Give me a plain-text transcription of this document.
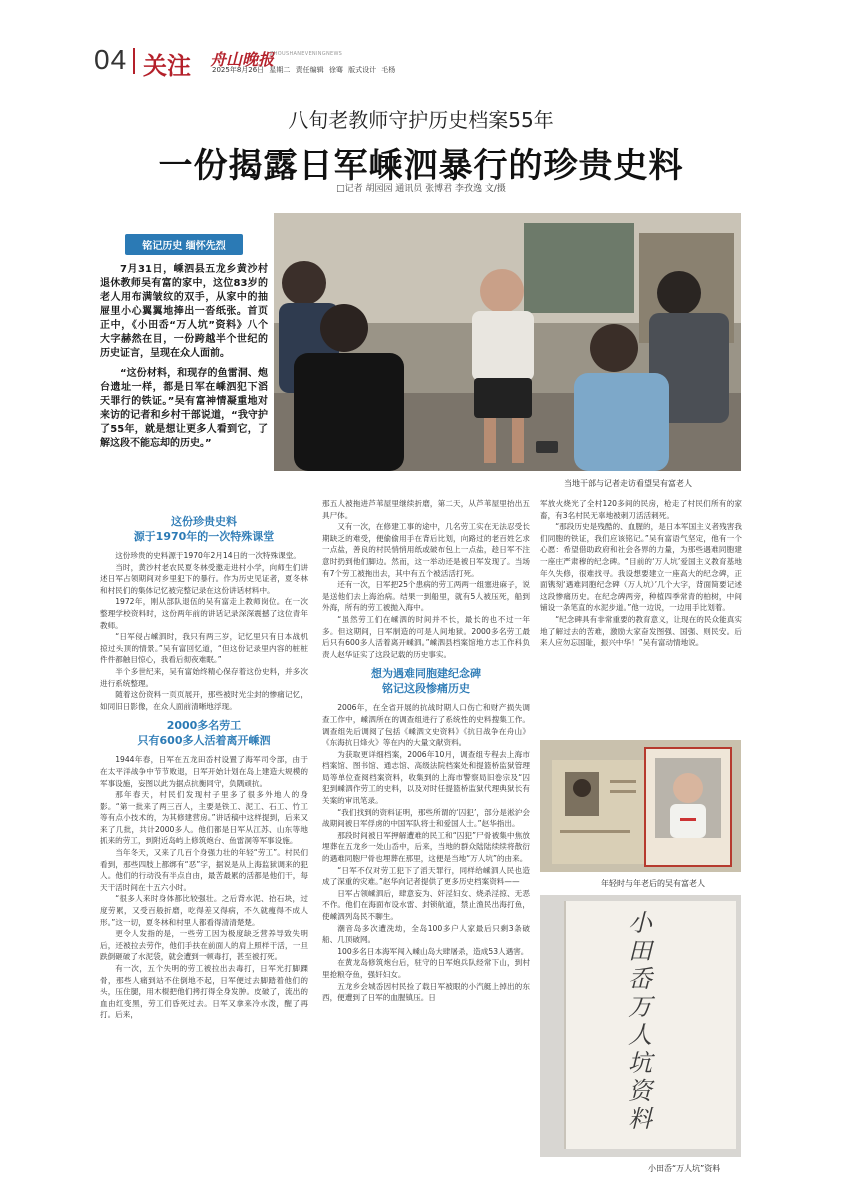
04 关注 舟山晚报
ZHOUSHANEVENINGNEWS
2025年8月26日 星期二 责任编辑 徐骞 版式设计 毛杨
八旬老教师守护历史档案55年
一份揭露日军嵊泗暴行的珍贵史料
□记者 胡园园 通讯员 张博君 李孜逸 文/摄
铭记历史 缅怀先烈

7月31日，嵊泗县五龙乡黄沙村退休教师吴有富的家中，这位83岁的老人用布满皱纹的双手，从家中的抽屉里小心翼翼地捧出一沓纸张。首页正中，《小田岙“万人坑”资料》八个大字赫然在目，一份跨越半个世纪的历史证言，呈现在众人面前。

“这份材料，和现存的鱼雷洞、炮台遗址一样，都是日军在嵊泗犯下滔天罪行的铁证。”吴有富神情凝重地对来访的记者和乡村干部说道，“我守护了55年，就是想让更多人看到它，了解这段不能忘却的历史。”

当地干部与记者走访看望吴有富老人
这份珍贵史料
源于1970年的一次特殊课堂

这份珍贵的史料源于1970年2月14日的一次特殊课堂。

当时，黄沙村老农民夏冬林受邀走进村小学，向师生们讲述日军占领期间对乡里犯下的暴行。作为历史见证者，夏冬林和村民们的集体记忆被完整记录在这份讲话材料中。

1972年，刚从部队退伍的吴有富走上教师岗位。在一次整理学校资料时，这份两年前的讲话记录深深震撼了这位青年教师。

“日军侵占嵊泗时，我只有两三岁，记忆里只有日本战机掠过头顶的情景。”吴有富回忆道，“但这份记录里内容的桩桩件件都触目惊心，我看后彻夜难眠。”

半个多世纪来，吴有富始终精心保存着这份史料，并多次进行系统整理。

随着这份资料一页页展开，那些被时光尘封的惨痛记忆，如同旧日影像，在众人面前清晰地浮现。

2000多名劳工
只有600多人活着离开嵊泗

1944年春，日军在五龙田岙村设置了海军司令部，由于在太平洋战争中节节败退，日军开始计划在岛上建造大规模的军事设施，妄图以此为据点抗衡同守，负隅顽抗。

那年春天，村民们发现村子里多了很多外地人的身影。“第一批来了两三百人，主要是铁工、泥工、石工、竹工等有点小技术的，为其修建营房。”讲话稿中这样提到，后来又来了几批，共计2000多人。他们都是日军从江苏、山东等地抓来的劳工，到附近岛屿上修筑炮台、鱼雷洞等军事设施。

当年冬天，又来了几百个身强力壮的年轻“劳工”。村民们看到，那些四肢上都绑有“恶”字，据说是从上海监狱调来的犯人。他们的行动没有半点自由，最苦最累的活都是他们干，每天干活时间在十五六小时。

“很多人来时身体都比较强壮。之后背水泥、抬石块，过度劳累，又受百般折磨，吃得差又得病，不久就瘦得不成人形。”这一切，夏冬林和村里人都看得清清楚楚。

更令人发指的是，一些劳工因为极度缺乏营养导致失明后，还被拉去劳作，他们手扶在前面人的肩上照样干活，一旦跌倒砸破了水泥袋，就会遭到一顿毒打，甚至被打死。

有一次，五个失明的劳工被拉出去毒打，日军光打脚踝骨，那些人痛到站不住倒地不起，日军便过去脚踏着他们的头，压住腿，用木棍把他们拷打得全身发肿。皮破了，流出的血由红变黑，劳工们昏死过去。日军又拿来冷水泼，醒了再打。后来，

那五人被拖进芦苇屋里继续折磨，第二天，从芦苇屋里抬出五具尸体。

又有一次，在修建工事的途中，几名劳工实在无法忍受长期缺乏的难受，便偷偷用手在背后比划，向路过的老百姓乞求一点盐，善良的村民悄悄用纸或破布包上一点盐，趁日军不注意时扔到他们脚边。然而，这一举动还是被日军发现了。当场有7个劳工被拖出去，其中有五个被活活打死。

还有一次，日军把25个患病的劳工两两一组塞进麻子，说是送他们去上海治病。结果一到船里，就有5人被压死，船到外海，所有的劳工被抛入海中。

“虽然劳工们在嵊泗的时间并不长，最长的也不过一年多。但这期间，日军制造的可是人间地狱。2000多名劳工最后只有600多人活着离开嵊泗。”嵊泗县档案馆地方志工作科负责人赵华证实了这段记载的历史事实。

想为遇难同胞建纪念碑
铭记这段惨痛历史

2006年，在全省开展的抗战时期人口伤亡和财产损失调查工作中，嵊泗所在的调查组进行了系统性的史料搜集工作。调查组先后调阅了包括《嵊泗文史资料》《抗日战争在舟山》《东海抗日烽火》等在内的大量文献资料。

为获取更详细档案，2006年10月，调查组专程去上海市档案馆、图书馆、通志馆、高级法院档案处和提篮桥监狱管理局等单位查阅档案资料，收集到的上海市警察局旧卷宗及“囚犯到嵊泗作劳工的史料，以及对时任提篮桥监狱代理典狱长有关案的审讯笔录。

“我们找到的资料证明，那些所谓的‘囚犯’，部分是淞沪会战期间被日军俘虏的中国军队将士和爱国人士。”赵华指出。

那段时间被日军押解遭难的民工和“囚犯”尸骨被集中焦放埋葬在五龙乡一处山岙中，后来，当地的群众陆陆续续将散衍的遇难同胞尸骨也埋葬在那里，这便是当地“万人坑”的由来。

“日军不仅对劳工犯下了滔天罪行，同样给嵊泗人民也造成了深重的灾难。”赵华向记者提供了更多历史档案资料——

日军占领嵊泗后，肆意妄为、奸淫妇女、烧杀淫掠、无恶不作。他们在海面布设水雷、封锁航道，禁止渔民出海打鱼，使嵊泗列岛民不聊生。

潮音岛多次遭洗劫，全岛100多户人家最后只剩3条破船、几顶破网。

100多名日本海军闯入嵊山岛大肆屠杀，造成53人遇害。

在黄龙岛修筑炮台后，驻守的日军炮兵队经常下山，到村里抢粮夺鱼，强奸妇女。

五龙乡会城岙因村民捡了载日军被眼的小汽艇上掉出的东西，便遭到了日军的血腥镇压。日

军放火烧光了全村120多间的民房，枪走了村民们所有的家畜，有3名村民无辜地被刺刀活活刺死。

“那段历史是残酷的、血腥的，是日本军国主义者残害我们同胞的铁证，我们应该铭记。”吴有富语气坚定，他有一个心愿：希望借助政府和社会各界的力量，为那些遇难同胞建一座庄严肃穆的纪念碑。“目前的‘万人坑’爱国主义教育基地年久失修，很难找寻。我设想要建立一座高大的纪念碑，正面镌刻‘遇难同胞纪念碑（万人坑）’几个大字，背面简要记述这段惨痛历史。在纪念碑两旁，种植四季常青的柏树，中间铺设一条笔直的水泥步道。”他一边说，一边用手比划着。

“纪念碑具有非常重要的教育意义，让现在的民众能真实地了解过去的苦难，激励大家奋发图强、国强、则民安。后来人应勿忘国耻，振兴中华！”吴有富动情地说。

年轻时与年老后的吴有富老人
小田岙万人坑资料
小田岙“万人坑”资料
